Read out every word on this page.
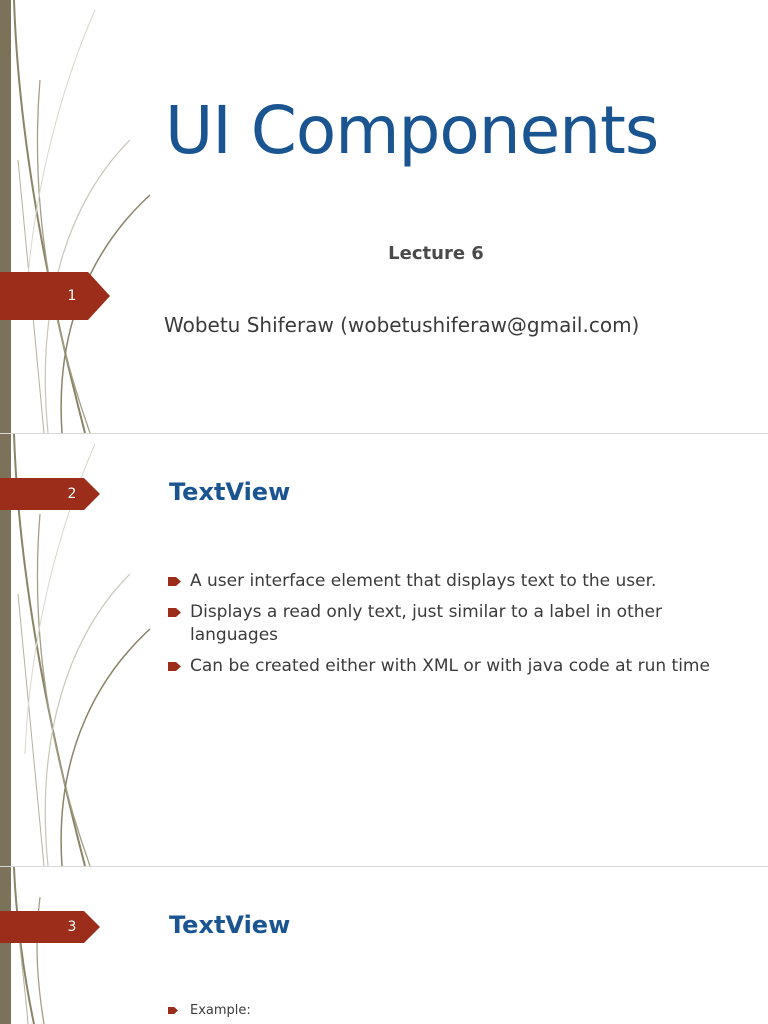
1
UI Components
Lecture 6
Wobetu Shiferaw (wobetushiferaw@gmail.com)
2	TextView
A user interface element that displays text to the user.
Displays a read only text, just similar to a label in other languages
Can be created either with XML or with java code at run time
3	TextView
Example:
